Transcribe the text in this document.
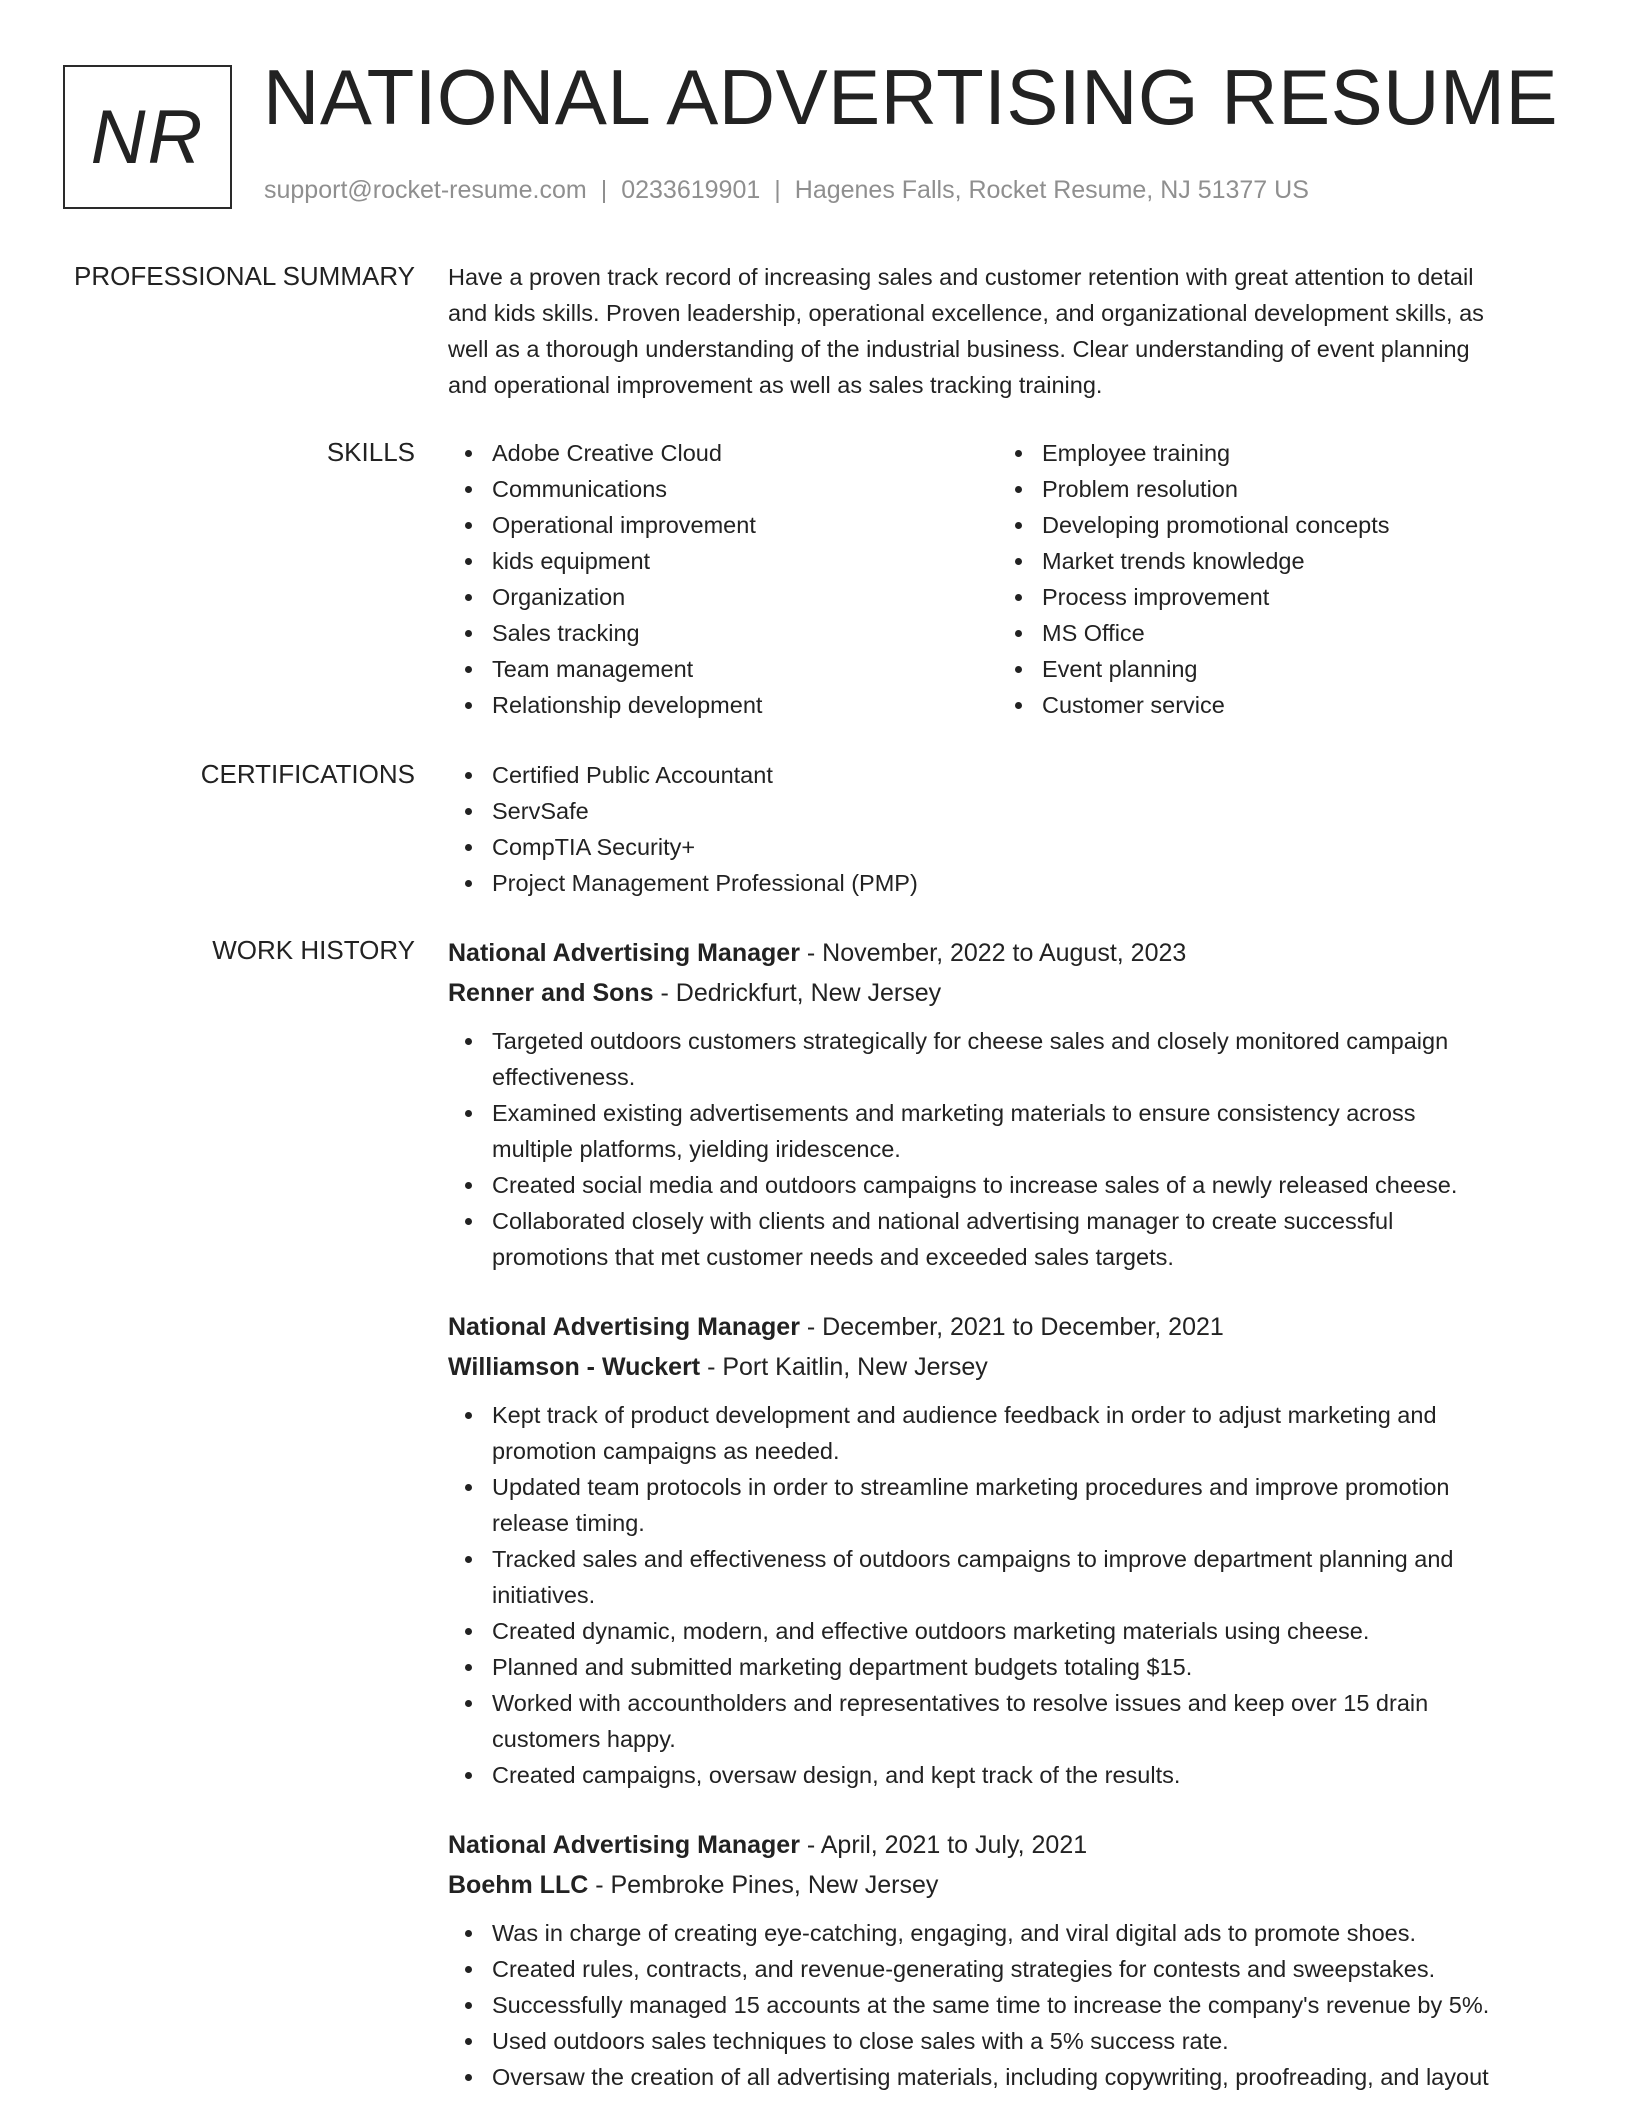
NR NATIONAL ADVERTISING RESUME
support@rocket-resume.com | 0233619901 | Hagenes Falls, Rocket Resume, NJ 51377 US
PROFESSIONAL SUMMARY Have a proven track record of increasing sales and customer retention with great attention to detail
and kids skills. Proven leadership, operational excellence, and organizational development skills, as
well as a thorough understanding of the industrial business. Clear understanding of event planning
and operational improvement as well as sales tracking training.
SKILLS	Adobe Creative Cloud
Communications
Operational improvement
kids equipment
Organization
Sales tracking
Team management
Relationship development
Employee training
Problem resolution
Developing promotional concepts
Market trends knowledge
Process improvement
MS Office
Event planning
Customer service
CERTIFICATIONS	Certified Public Accountant
ServSafe
CompTIA Security+
Project Management Professional (PMP)
WORK HISTORY National Advertising Manager - November, 2022 to August, 2023
Renner and Sons - Dedrickfurt, New Jersey
Targeted outdoors customers strategically for cheese sales and closely monitored campaign
effectiveness.
Examined existing advertisements and marketing materials to ensure consistency across
multiple platforms, yielding iridescence.
Created social media and outdoors campaigns to increase sales of a newly released cheese.
Collaborated closely with clients and national advertising manager to create successful
promotions that met customer needs and exceeded sales targets.
National Advertising Manager - December, 2021 to December, 2021
Williamson - Wuckert - Port Kaitlin, New Jersey
Kept track of product development and audience feedback in order to adjust marketing and
promotion campaigns as needed.
Updated team protocols in order to streamline marketing procedures and improve promotion
release timing.
Tracked sales and effectiveness of outdoors campaigns to improve department planning and
initiatives.
Created dynamic, modern, and effective outdoors marketing materials using cheese.
Planned and submitted marketing department budgets totaling $15.
Worked with accountholders and representatives to resolve issues and keep over 15 drain
customers happy.
Created campaigns, oversaw design, and kept track of the results.
National Advertising Manager - April, 2021 to July, 2021
Boehm LLC - Pembroke Pines, New Jersey
Was in charge of creating eye-catching, engaging, and viral digital ads to promote shoes.
Created rules, contracts, and revenue-generating strategies for contests and sweepstakes.
Successfully managed 15 accounts at the same time to increase the company's revenue by 5%.
Used outdoors sales techniques to close sales with a 5% success rate.
Oversaw the creation of all advertising materials, including copywriting, proofreading, and layout
